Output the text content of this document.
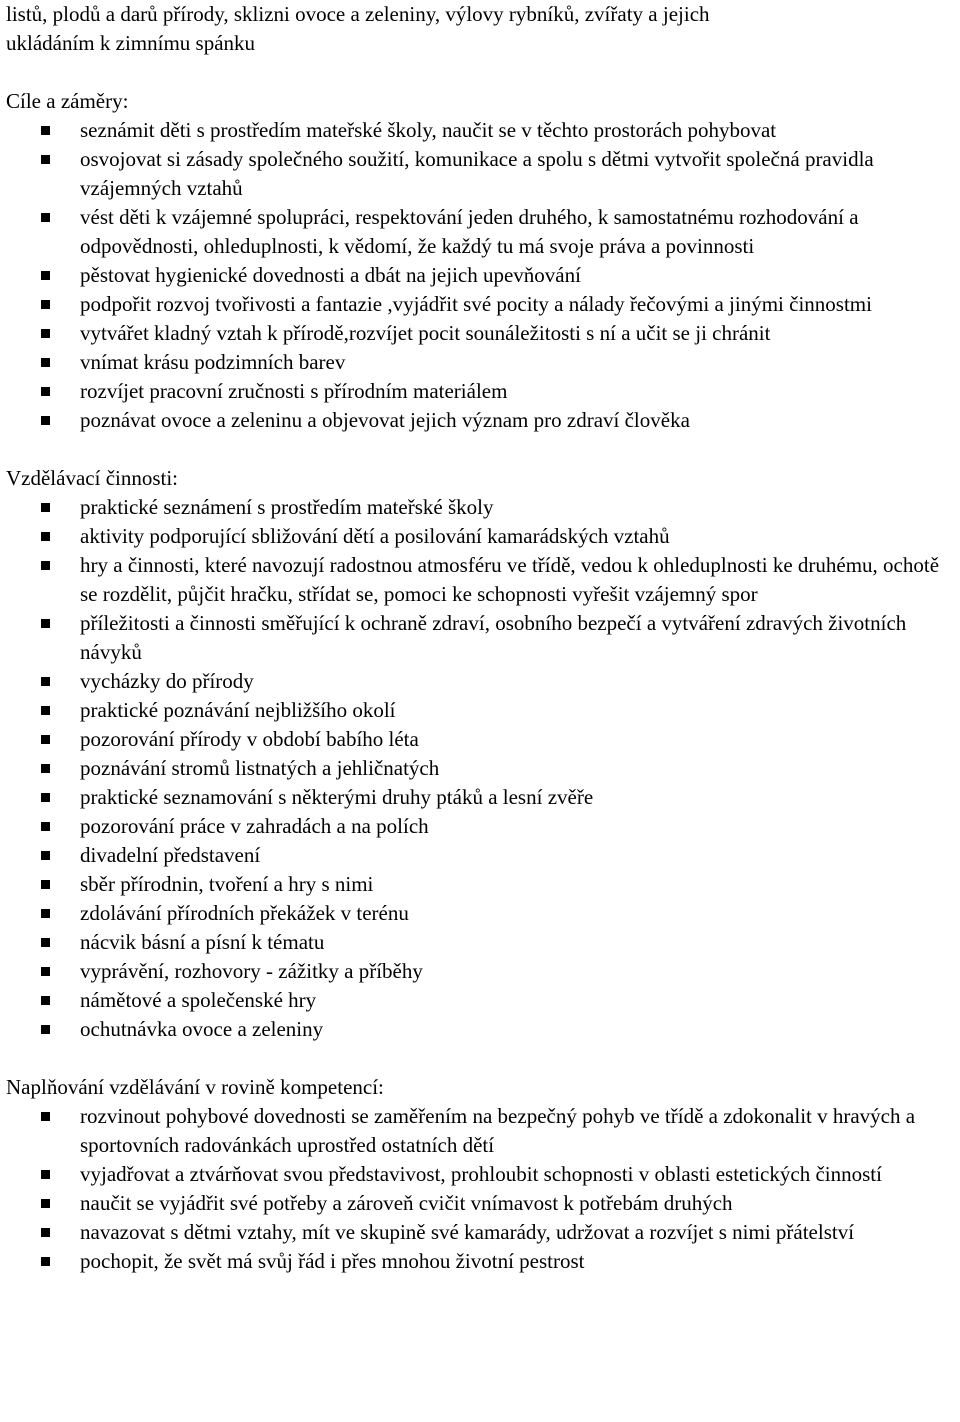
listů, plodů a darů přírody, sklizni ovoce a zeleniny, výlovy rybníků, zvířaty a jejich
ukládáním k zimnímu spánku
Cíle a záměry:
seznámit děti s prostředím mateřské školy, naučit se v těchto prostorách pohybovat
osvojovat si zásady společného soužití, komunikace a spolu s dětmi vytvořit společná pravidla vzájemných vztahů
vést děti k vzájemné spolupráci, respektování jeden druhého, k samostatnému rozhodování a odpovědnosti, ohleduplnosti, k vědomí, že každý tu má svoje práva a povinnosti
pěstovat hygienické dovednosti a dbát na jejich upevňování
podpořit rozvoj tvořivosti a fantazie ,vyjádřit své pocity a nálady řečovými a jinými činnostmi
vytvářet kladný vztah k přírodě,rozvíjet pocit sounáležitosti s ní a učit se ji chránit
vnímat krásu podzimních barev
rozvíjet pracovní zručnosti s přírodním materiálem
poznávat ovoce a zeleninu a objevovat jejich význam pro zdraví člověka
Vzdělávací činnosti:
praktické seznámení s prostředím mateřské školy
aktivity podporující sbližování dětí a posilování kamarádských vztahů
hry a činnosti, které navozují radostnou atmosféru ve třídě, vedou k ohleduplnosti ke druhému, ochotě se rozdělit, půjčit hračku, střídat se, pomoci ke schopnosti vyřešit vzájemný spor
příležitosti a činnosti směřující k ochraně zdraví, osobního bezpečí a vytváření zdravých životních návyků
vycházky do přírody
praktické poznávání nejbližšího okolí
pozorování přírody v období babího léta
poznávání stromů listnatých a jehličnatých
praktické seznamování s některými druhy ptáků a lesní zvěře
pozorování práce v zahradách a na polích
divadelní představení
sběr přírodnin, tvoření a hry s nimi
zdolávání přírodních překážek v terénu
nácvik básní a písní k tématu
vyprávění, rozhovory - zážitky a příběhy
námětové a společenské hry
ochutnávka ovoce a zeleniny
Naplňování vzdělávání v rovině kompetencí:
rozvinout pohybové dovednosti se zaměřením na bezpečný pohyb ve třídě a zdokonalit v hravých a sportovních radovánkách uprostřed ostatních dětí
vyjadřovat a ztvárňovat svou představivost, prohloubit schopnosti v oblasti estetických činností
naučit se vyjádřit své potřeby a zároveň cvičit vnímavost k potřebám druhých
navazovat s dětmi vztahy, mít ve skupině své kamarády, udržovat a rozvíjet s nimi přátelství
pochopit, že svět má svůj řád i přes mnohou životní pestrost
